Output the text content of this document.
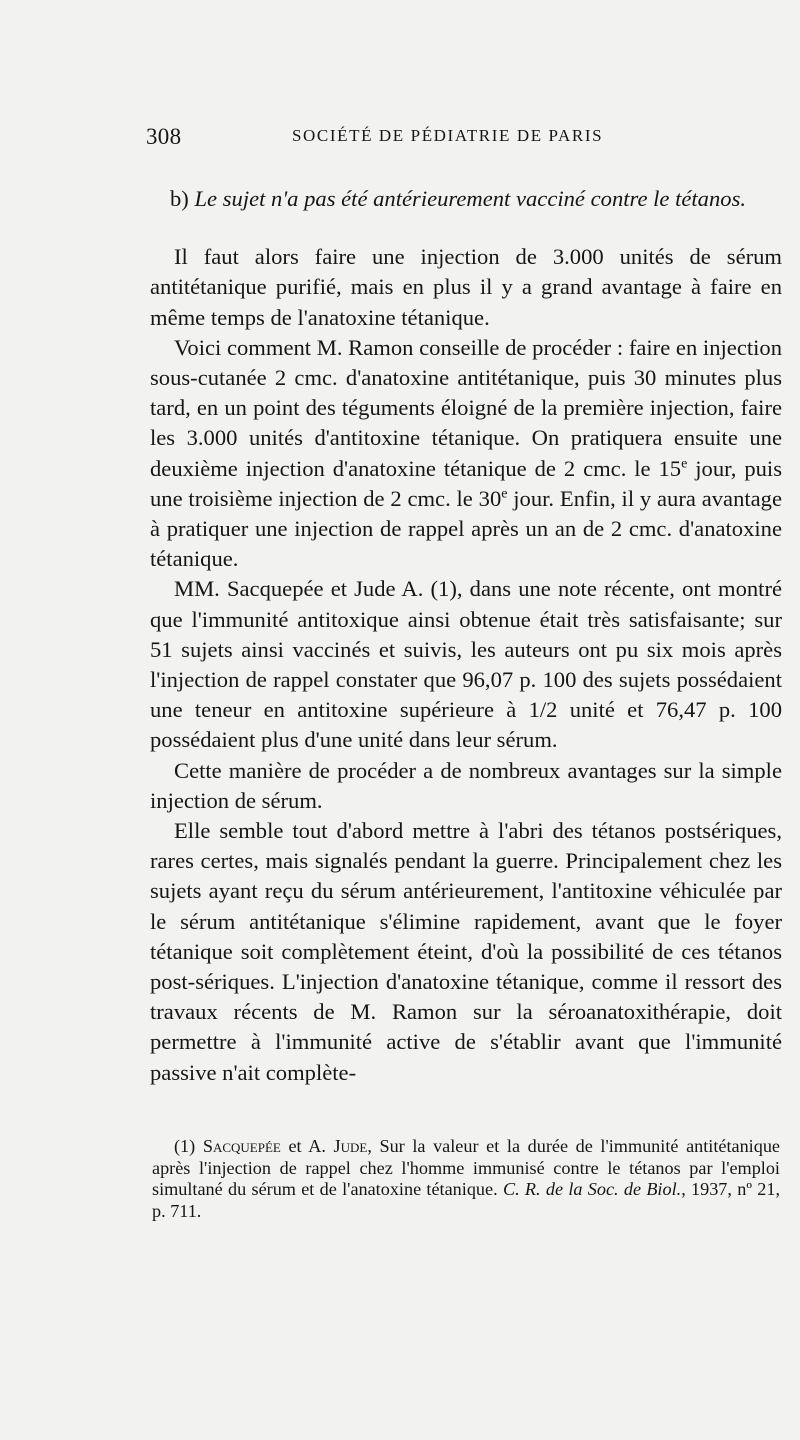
308	SOCIÉTÉ DE PÉDIATRIE DE PARIS

b) Le sujet n'a pas été antérieurement vacciné contre le tétanos.

Il faut alors faire une injection de 3.000 unités de sérum antitétanique purifié, mais en plus il y a grand avantage à faire en même temps de l'anatoxine tétanique.

Voici comment M. Ramon conseille de procéder : faire en injection sous-cutanée 2 cmc. d'anatoxine antitétanique, puis 30 minutes plus tard, en un point des téguments éloigné de la première injection, faire les 3.000 unités d'antitoxine tétanique. On pratiquera ensuite une deuxième injection d'anatoxine tétanique de 2 cmc. le 15e jour, puis une troisième injection de 2 cmc. le 30e jour. Enfin, il y aura avantage à pratiquer une injection de rappel après un an de 2 cmc. d'anatoxine tétanique.

MM. Sacquepée et Jude A. (1), dans une note récente, ont montré que l'immunité antitoxique ainsi obtenue était très satisfaisante; sur 51 sujets ainsi vaccinés et suivis, les auteurs ont pu six mois après l'injection de rappel constater que 96,07 p. 100 des sujets possédaient une teneur en antitoxine supérieure à 1/2 unité et 76,47 p. 100 possédaient plus d'une unité dans leur sérum.

Cette manière de procéder a de nombreux avantages sur la simple injection de sérum.

Elle semble tout d'abord mettre à l'abri des tétanos postsériques, rares certes, mais signalés pendant la guerre. Principalement chez les sujets ayant reçu du sérum antérieurement, l'antitoxine véhiculée par le sérum antitétanique s'élimine rapidement, avant que le foyer tétanique soit complètement éteint, d'où la possibilité de ces tétanos post-sériques. L'injection d'anatoxine tétanique, comme il ressort des travaux récents de M. Ramon sur la séroanatoxithérapie, doit permettre à l'immunité active de s'établir avant que l'immunité passive n'ait complète-

(1) Sacquepée et A. Jude, Sur la valeur et la durée de l'immunité antitétanique après l'injection de rappel chez l'homme immunisé contre le tétanos par l'emploi simultané du sérum et de l'anatoxine tétanique. C. R. de la Soc. de Biol., 1937, nº 21, p. 711.
